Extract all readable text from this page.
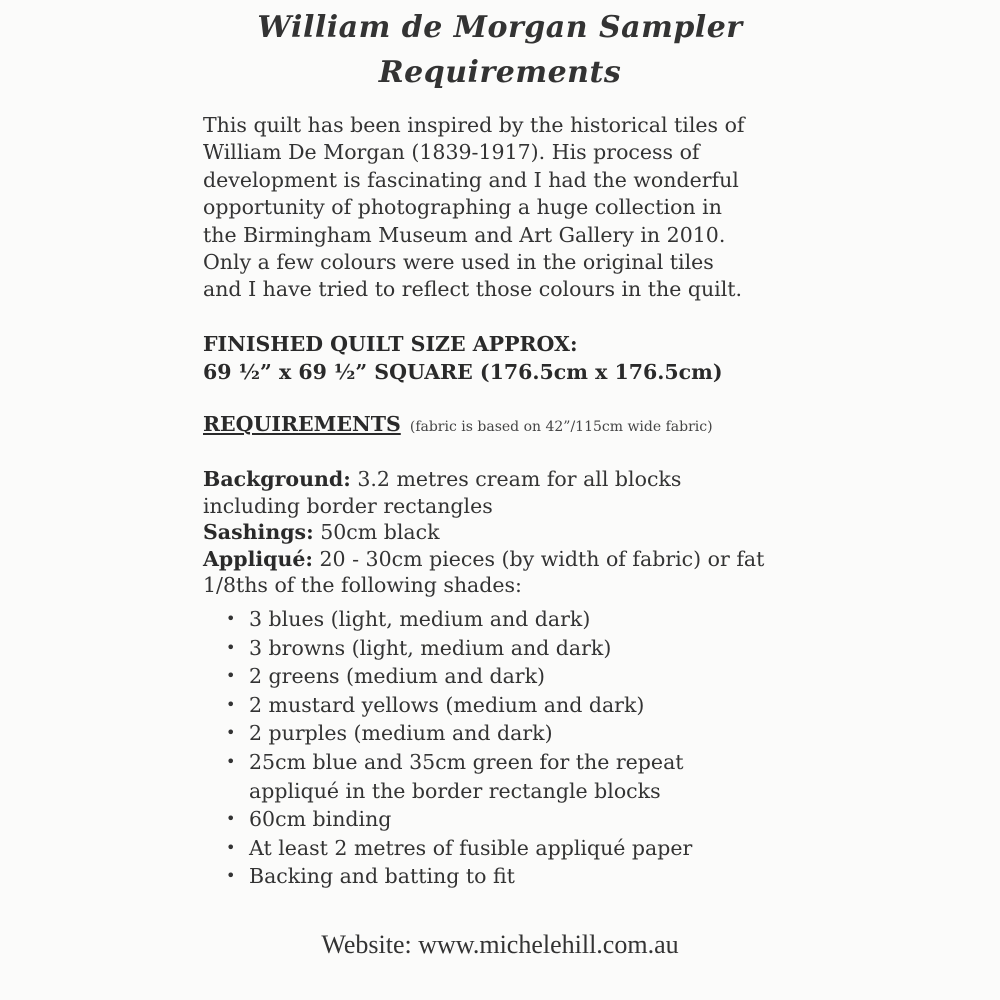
William de Morgan Sampler
Requirements
This quilt has been inspired by the historical tiles of
William De Morgan (1839-1917). His process of
development is fascinating and I had the wonderful
opportunity of photographing a huge collection in
the Birmingham Museum and Art Gallery in 2010.
Only a few colours were used in the original tiles
and I have tried to reflect those colours in the quilt.
FINISHED QUILT SIZE APPROX:
69 ½” x 69 ½” SQUARE (176.5cm x 176.5cm)
REQUIREMENTS (fabric is based on 42”/115cm wide fabric)
Background: 3.2 metres cream for all blocks
including border rectangles
Sashings: 50cm black
Appliqué: 20 - 30cm pieces (by width of fabric) or fat
1/8ths of the following shades:
• 3 blues (light, medium and dark)
• 3 browns (light, medium and dark)
• 2 greens (medium and dark)
• 2 mustard yellows (medium and dark)
• 2 purples (medium and dark)
• 25cm blue and 35cm green for the repeat
appliqué in the border rectangle blocks
• 60cm binding
• At least 2 metres of fusible appliqué paper
• Backing and batting to fit
Website: www.michelehill.com.au
